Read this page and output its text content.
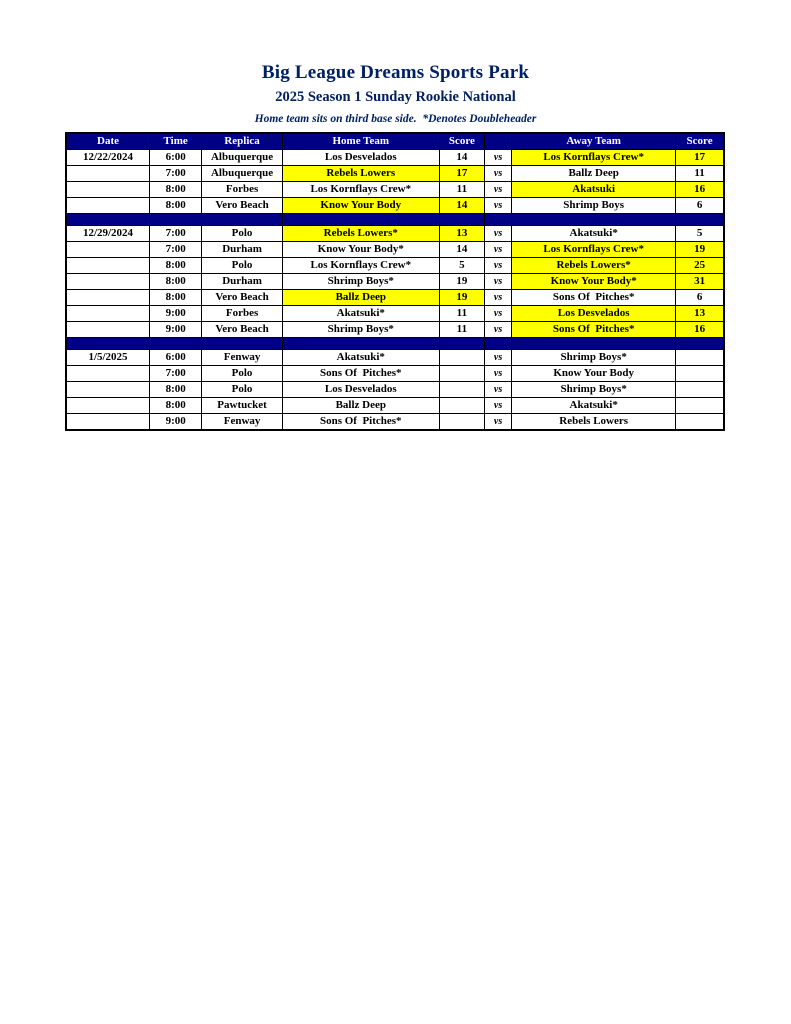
Big League Dreams Sports Park
2025 Season 1 Sunday Rookie National
Home team sits on third base side.  *Denotes Doubleheader
Date	Time	Replica	Home Team	Score		Away Team	Score
12/22/2024	6:00	Albuquerque	Los Desvelados	14	vs	Los Kornflays Crew*	17
	7:00	Albuquerque	Rebels Lowers	17	vs	Ballz Deep	11
	8:00	Forbes	Los Kornflays Crew*	11	vs	Akatsuki	16
	8:00	Vero Beach	Know Your Body	14	vs	Shrimp Boys	6

12/29/2024	7:00	Polo	Rebels Lowers*	13	vs	Akatsuki*	5
	7:00	Durham	Know Your Body*	14	vs	Los Kornflays Crew*	19
	8:00	Polo	Los Kornflays Crew*	5	vs	Rebels Lowers*	25
	8:00	Durham	Shrimp Boys*	19	vs	Know Your Body*	31
	8:00	Vero Beach	Ballz Deep	19	vs	Sons Of  Pitches*	6
	9:00	Forbes	Akatsuki*	11	vs	Los Desvelados	13
	9:00	Vero Beach	Shrimp Boys*	11	vs	Sons Of  Pitches*	16

1/5/2025	6:00	Fenway	Akatsuki*		vs	Shrimp Boys*	
	7:00	Polo	Sons Of  Pitches*		vs	Know Your Body	
	8:00	Polo	Los Desvelados		vs	Shrimp Boys*	
	8:00	Pawtucket	Ballz Deep		vs	Akatsuki*	
	9:00	Fenway	Sons Of  Pitches*		vs	Rebels Lowers	
